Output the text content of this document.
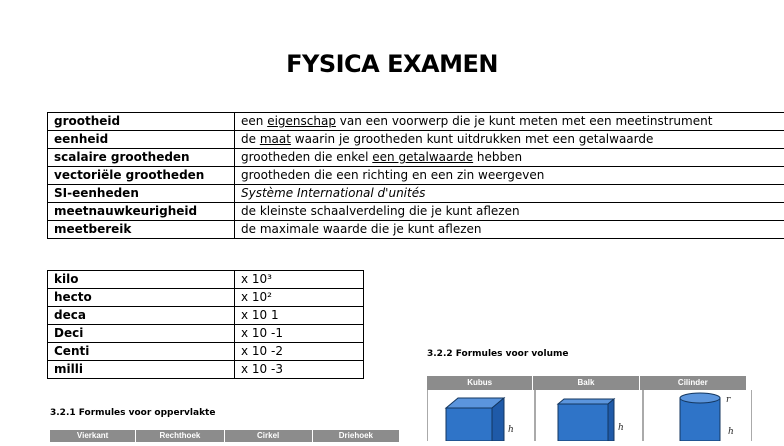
FYSICA EXAMEN
grootheid	een eigenschap van een voorwerp die je kunt meten met een meetinstrument
eenheid	de maat waarin je grootheden kunt uitdrukken met een getalwaarde
scalaire grootheden	grootheden die enkel een getalwaarde hebben
vectoriële grootheden	grootheden die een richting en een zin weergeven
SI-eenheden	Système International d'unités
meetnauwkeurigheid	de kleinste schaalverdeling die je kunt aflezen
meetbereik	de maximale waarde die je kunt aflezen
kilo	x 10³
hecto	x 10²
deca	x 10 1
Deci	x 10 -1
Centi	x 10 -2
milli	x 10 -3
3.2.1 Formules voor oppervlakte
Vierkant	Rechthoek	Cirkel	Driehoek
3.2.2 Formules voor volume
Kubus	Balk	Cilinder
h	h
r
h
